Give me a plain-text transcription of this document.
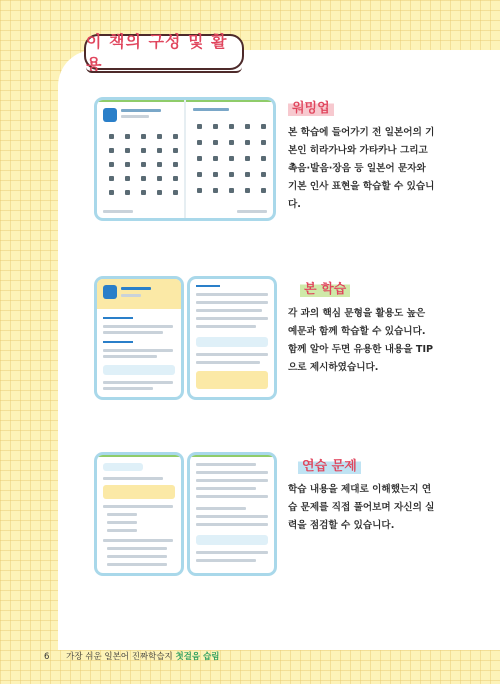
이 책의 구성 및 활용
워밍업
본 학습에 들어가기 전 일본어의 기본인 히라가나와 가타카나 그리고 촉음·발음·장음 등 일본어 문자와 기본 인사 표현을 학습할 수 있습니다.
본 학습
각 과의 핵심 문형을 활용도 높은 예문과 함께 학습할 수 있습니다. 함께 알아 두면 유용한 내용을 TIP으로 제시하였습니다.
연습 문제
학습 내용을 제대로 이해했는지 연습 문제를 직접 풀어보며 자신의 실력을 점검할 수 있습니다.
6 가장 쉬운 일본어 진짜학습지 첫걸음 습림
